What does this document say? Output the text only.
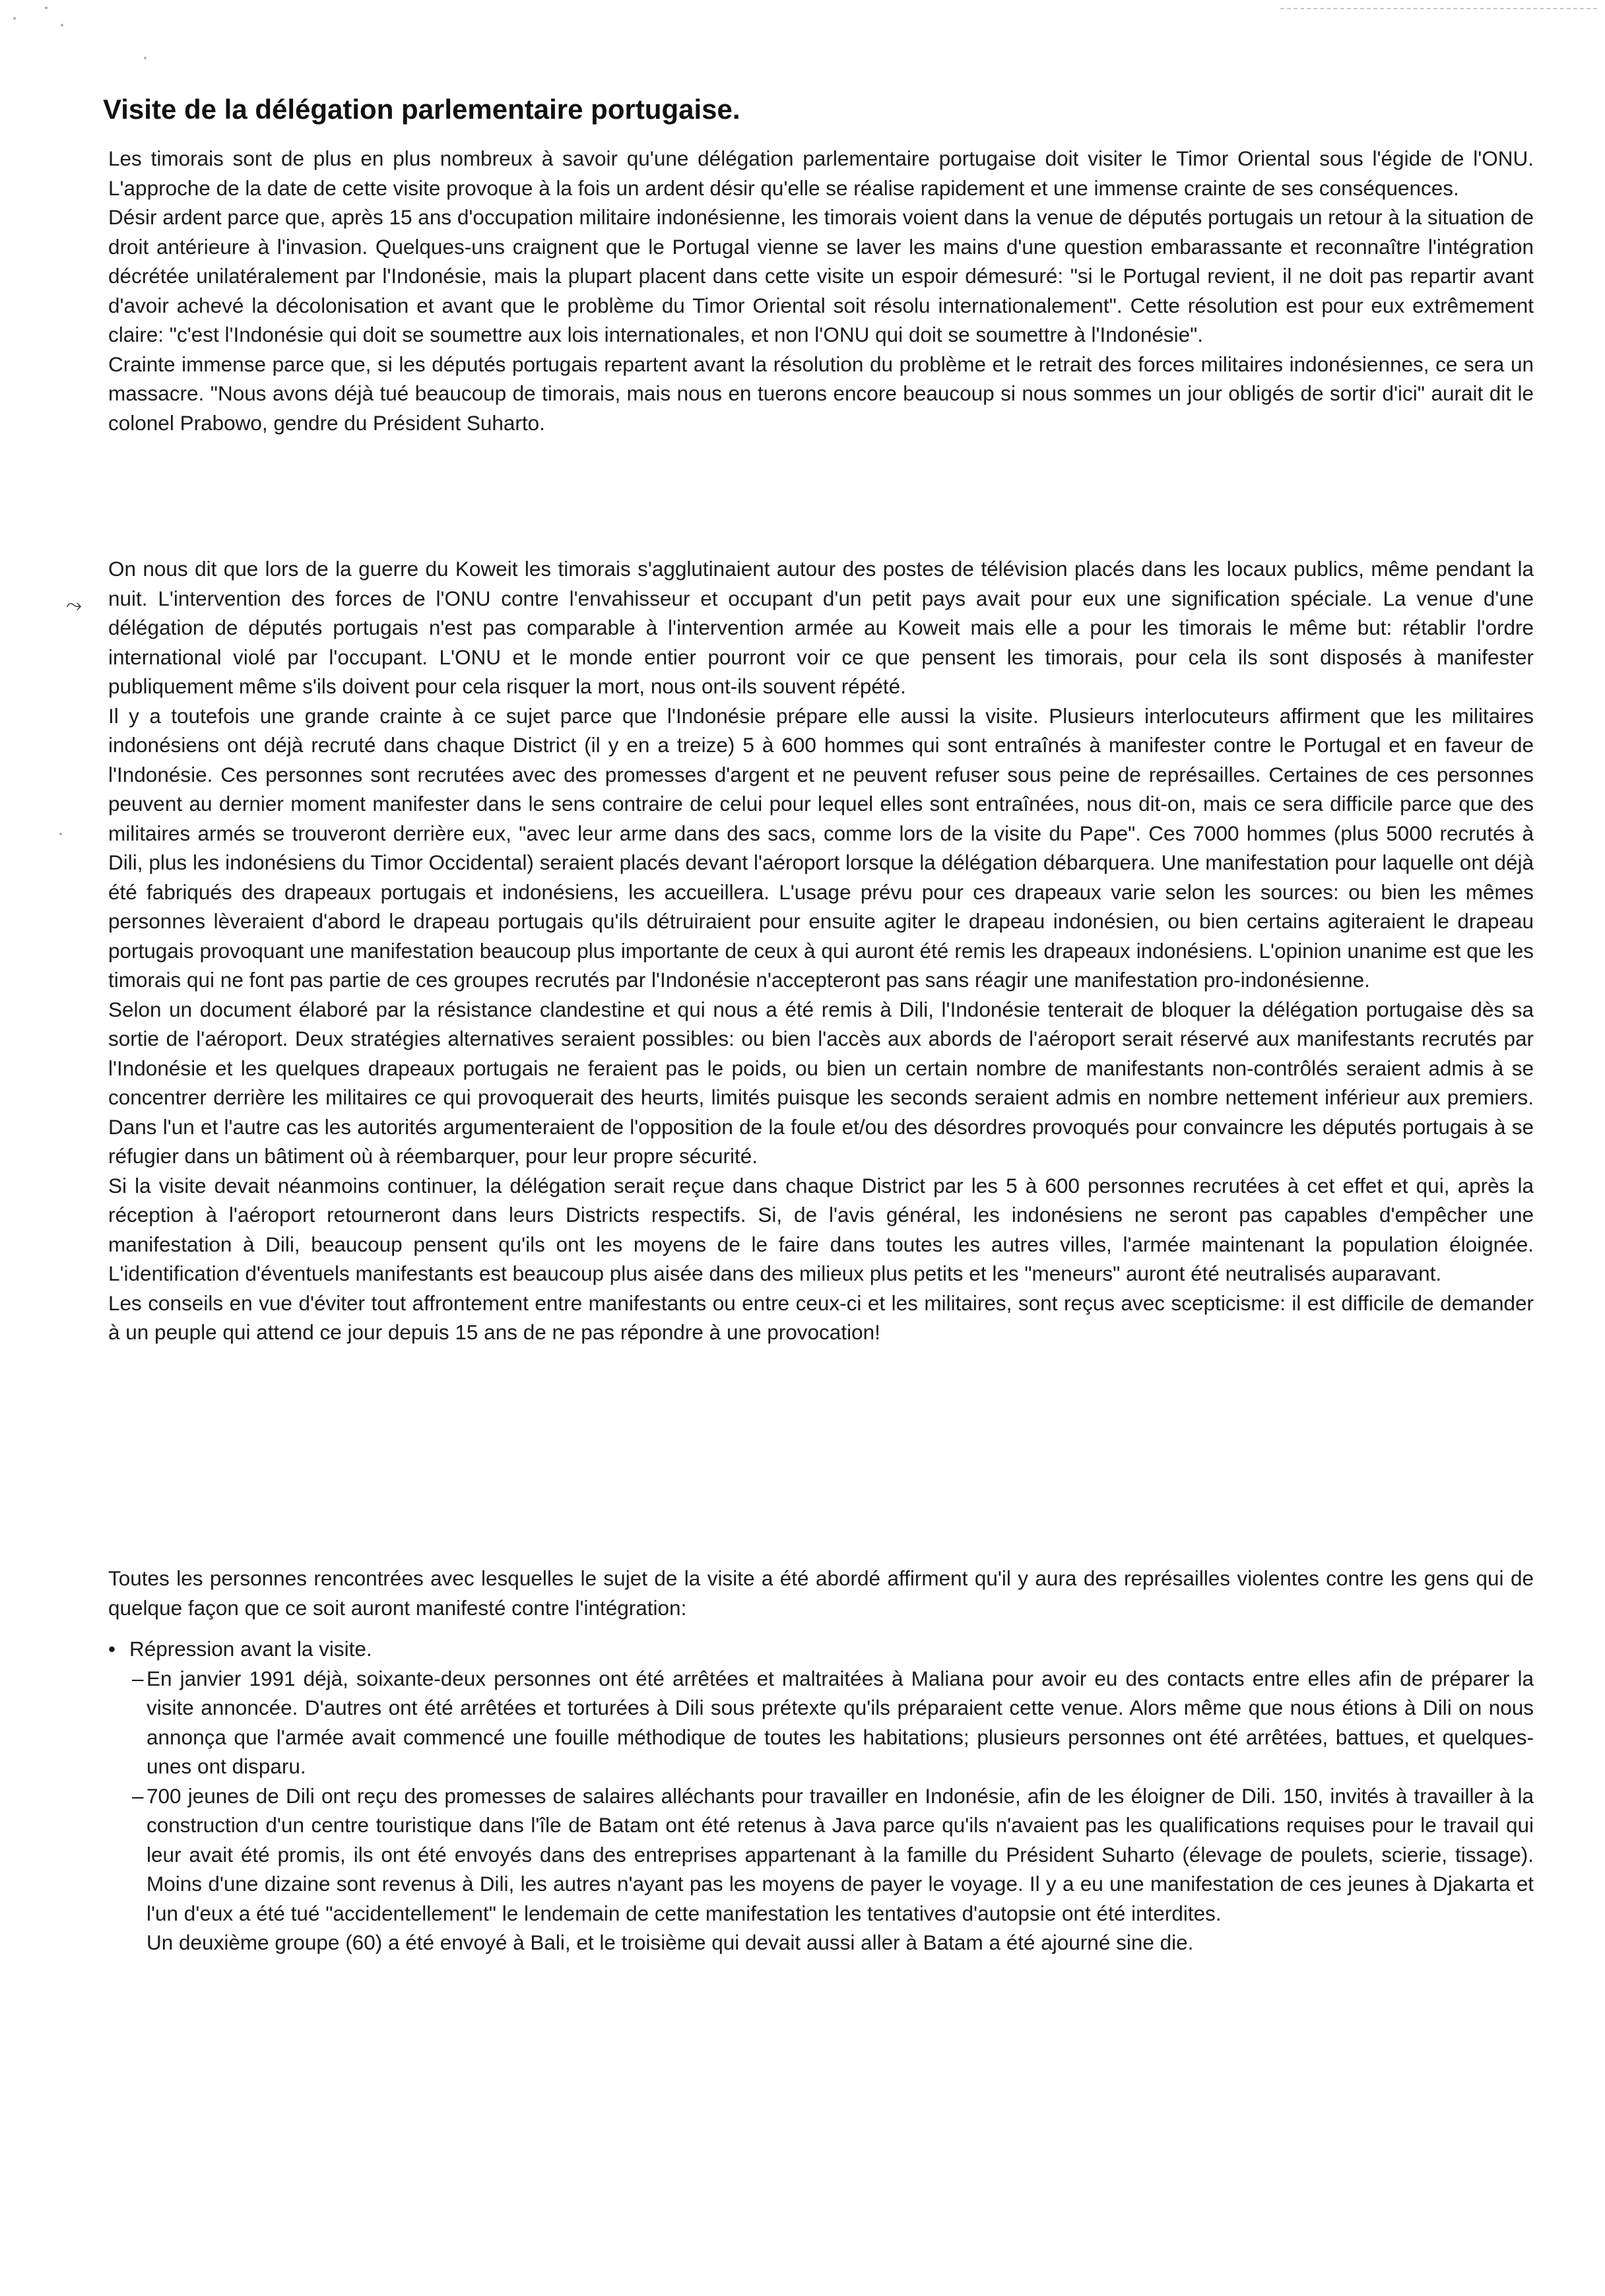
⤳
Visite de la délégation parlementaire portugaise.

Les timorais sont de plus en plus nombreux à savoir qu'une délégation parlementaire portugaise doit visiter le Timor Oriental sous l'égide de l'ONU. L'approche de la date de cette visite provoque à la fois un ardent désir qu'elle se réalise rapidement et une immense crainte de ses conséquences.

Désir ardent parce que, après 15 ans d'occupation militaire indonésienne, les timorais voient dans la venue de députés portugais un retour à la situation de droit antérieure à l'invasion. Quelques-uns craignent que le Portugal vienne se laver les mains d'une question embarassante et reconnaître l'intégration décrétée unilatéralement par l'Indonésie, mais la plupart placent dans cette visite un espoir démesuré: "si le Portugal revient, il ne doit pas repartir avant d'avoir achevé la décolonisation et avant que le problème du Timor Oriental soit résolu internationalement". Cette résolution est pour eux extrêmement claire: "c'est l'Indonésie qui doit se soumettre aux lois internationales, et non l'ONU qui doit se soumettre à l'Indonésie".

Crainte immense parce que, si les députés portugais repartent avant la résolution du problème et le retrait des forces militaires indonésiennes, ce sera un massacre. "Nous avons déjà tué beaucoup de timorais, mais nous en tuerons encore beaucoup si nous sommes un jour obligés de sortir d'ici" aurait dit le colonel Prabowo, gendre du Président Suharto.

On nous dit que lors de la guerre du Koweit les timorais s'agglutinaient autour des postes de télévision placés dans les locaux publics, même pendant la nuit. L'intervention des forces de l'ONU contre l'envahisseur et occupant d'un petit pays avait pour eux une signification spéciale. La venue d'une délégation de députés portugais n'est pas comparable à l'intervention armée au Koweit mais elle a pour les timorais le même but: rétablir l'ordre international violé par l'occupant. L'ONU et le monde entier pourront voir ce que pensent les timorais, pour cela ils sont disposés à manifester publiquement même s'ils doivent pour cela risquer la mort, nous ont-ils souvent répété.

Il y a toutefois une grande crainte à ce sujet parce que l'Indonésie prépare elle aussi la visite. Plusieurs interlocuteurs affirment que les militaires indonésiens ont déjà recruté dans chaque District (il y en a treize) 5 à 600 hommes qui sont entraînés à manifester contre le Portugal et en faveur de l'Indonésie. Ces personnes sont recrutées avec des promesses d'argent et ne peuvent refuser sous peine de représailles. Certaines de ces personnes peuvent au dernier moment manifester dans le sens contraire de celui pour lequel elles sont entraînées, nous dit-on, mais ce sera difficile parce que des militaires armés se trouveront derrière eux, "avec leur arme dans des sacs, comme lors de la visite du Pape". Ces 7000 hommes (plus 5000 recrutés à Dili, plus les indonésiens du Timor Occidental) seraient placés devant l'aéroport lorsque la délégation débarquera. Une manifestation pour laquelle ont déjà été fabriqués des drapeaux portugais et indonésiens, les accueillera. L'usage prévu pour ces drapeaux varie selon les sources: ou bien les mêmes personnes lèveraient d'abord le drapeau portugais qu'ils détruiraient pour ensuite agiter le drapeau indonésien, ou bien certains agiteraient le drapeau portugais provoquant une manifestation beaucoup plus importante de ceux à qui auront été remis les drapeaux indonésiens. L'opinion unanime est que les timorais qui ne font pas partie de ces groupes recrutés par l'Indonésie n'accepteront pas sans réagir une manifestation pro-indonésienne.

Selon un document élaboré par la résistance clandestine et qui nous a été remis à Dili, l'Indonésie tenterait de bloquer la délégation portugaise dès sa sortie de l'aéroport. Deux stratégies alternatives seraient possibles: ou bien l'accès aux abords de l'aéroport serait réservé aux manifestants recrutés par l'Indonésie et les quelques drapeaux portugais ne feraient pas le poids, ou bien un certain nombre de manifestants non-contrôlés seraient admis à se concentrer derrière les militaires ce qui provoquerait des heurts, limités puisque les seconds seraient admis en nombre nettement inférieur aux premiers. Dans l'un et l'autre cas les autorités argumenteraient de l'opposition de la foule et/ou des désordres provoqués pour convaincre les députés portugais à se réfugier dans un bâtiment où à réembarquer, pour leur propre sécurité.

Si la visite devait néanmoins continuer, la délégation serait reçue dans chaque District par les 5 à 600 personnes recrutées à cet effet et qui, après la réception à l'aéroport retourneront dans leurs Districts respectifs. Si, de l'avis général, les indonésiens ne seront pas capables d'empêcher une manifestation à Dili, beaucoup pensent qu'ils ont les moyens de le faire dans toutes les autres villes, l'armée maintenant la population éloignée. L'identification d'éventuels manifestants est beaucoup plus aisée dans des milieux plus petits et les "meneurs" auront été neutralisés auparavant.

Les conseils en vue d'éviter tout affrontement entre manifestants ou entre ceux-ci et les militaires, sont reçus avec scepticisme: il est difficile de demander à un peuple qui attend ce jour depuis 15 ans de ne pas répondre à une provocation!

Toutes les personnes rencontrées avec lesquelles le sujet de la visite a été abordé affirment qu'il y aura des représailles violentes contre les gens qui de quelque façon que ce soit auront manifesté contre l'intégration:

• Répression avant la visite.

– En janvier 1991 déjà, soixante-deux personnes ont été arrêtées et maltraitées à Maliana pour avoir eu des contacts entre elles afin de préparer la visite annoncée. D'autres ont été arrêtées et torturées à Dili sous prétexte qu'ils préparaient cette venue. Alors même que nous étions à Dili on nous annonça que l'armée avait commencé une fouille méthodique de toutes les habitations; plusieurs personnes ont été arrêtées, battues, et quelques-unes ont disparu.

– 700 jeunes de Dili ont reçu des promesses de salaires alléchants pour travailler en Indonésie, afin de les éloigner de Dili. 150, invités à travailler à la construction d'un centre touristique dans l'île de Batam ont été retenus à Java parce qu'ils n'avaient pas les qualifications requises pour le travail qui leur avait été promis, ils ont été envoyés dans des entreprises appartenant à la famille du Président Suharto (élevage de poulets, scierie, tissage). Moins d'une dizaine sont revenus à Dili, les autres n'ayant pas les moyens de payer le voyage. Il y a eu une manifestation de ces jeunes à Djakarta et l'un d'eux a été tué "accidentellement" le lendemain de cette manifestation les tentatives d'autopsie ont été interdites.

Un deuxième groupe (60) a été envoyé à Bali, et le troisième qui devait aussi aller à Batam a été ajourné sine die.
